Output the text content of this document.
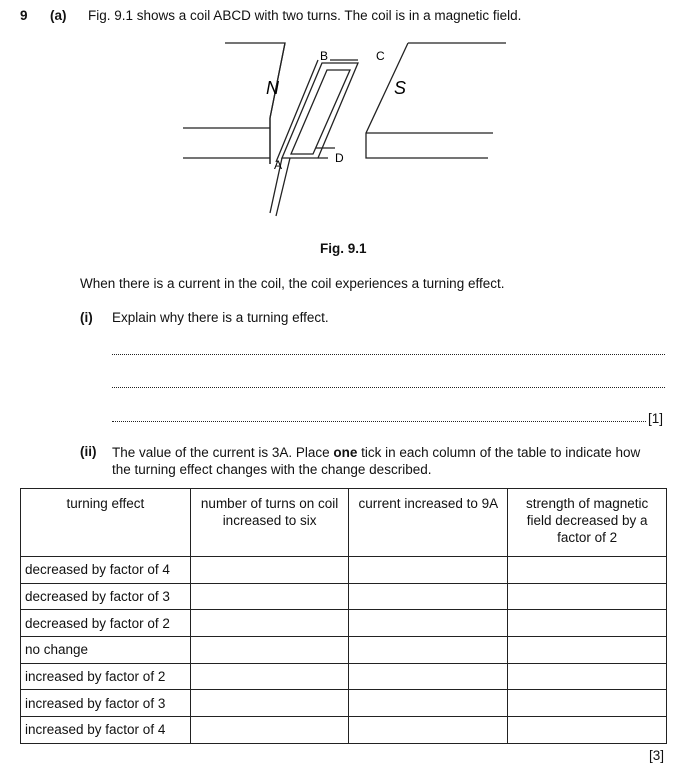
9 (a) Fig. 9.1 shows a coil ABCD with two turns. The coil is in a magnetic field.
N	S
A
B	C
D
Fig. 9.1
When there is a current in the coil, the coil experiences a turning effect.
(i) Explain why there is a turning effect.
[1]
(ii) The value of the current is 3A. Place one tick in each column of the table to indicate how
the turning effect changes with the change described.
turning effect	number of turns on coil increased to six	current increased to 9A	strength of magnetic field decreased by a factor of 2
decreased by factor of 4			
decreased by factor of 3			
decreased by factor of 2			
no change			
increased by factor of 2			
increased by factor of 3			
increased by factor of 4			
[3]
